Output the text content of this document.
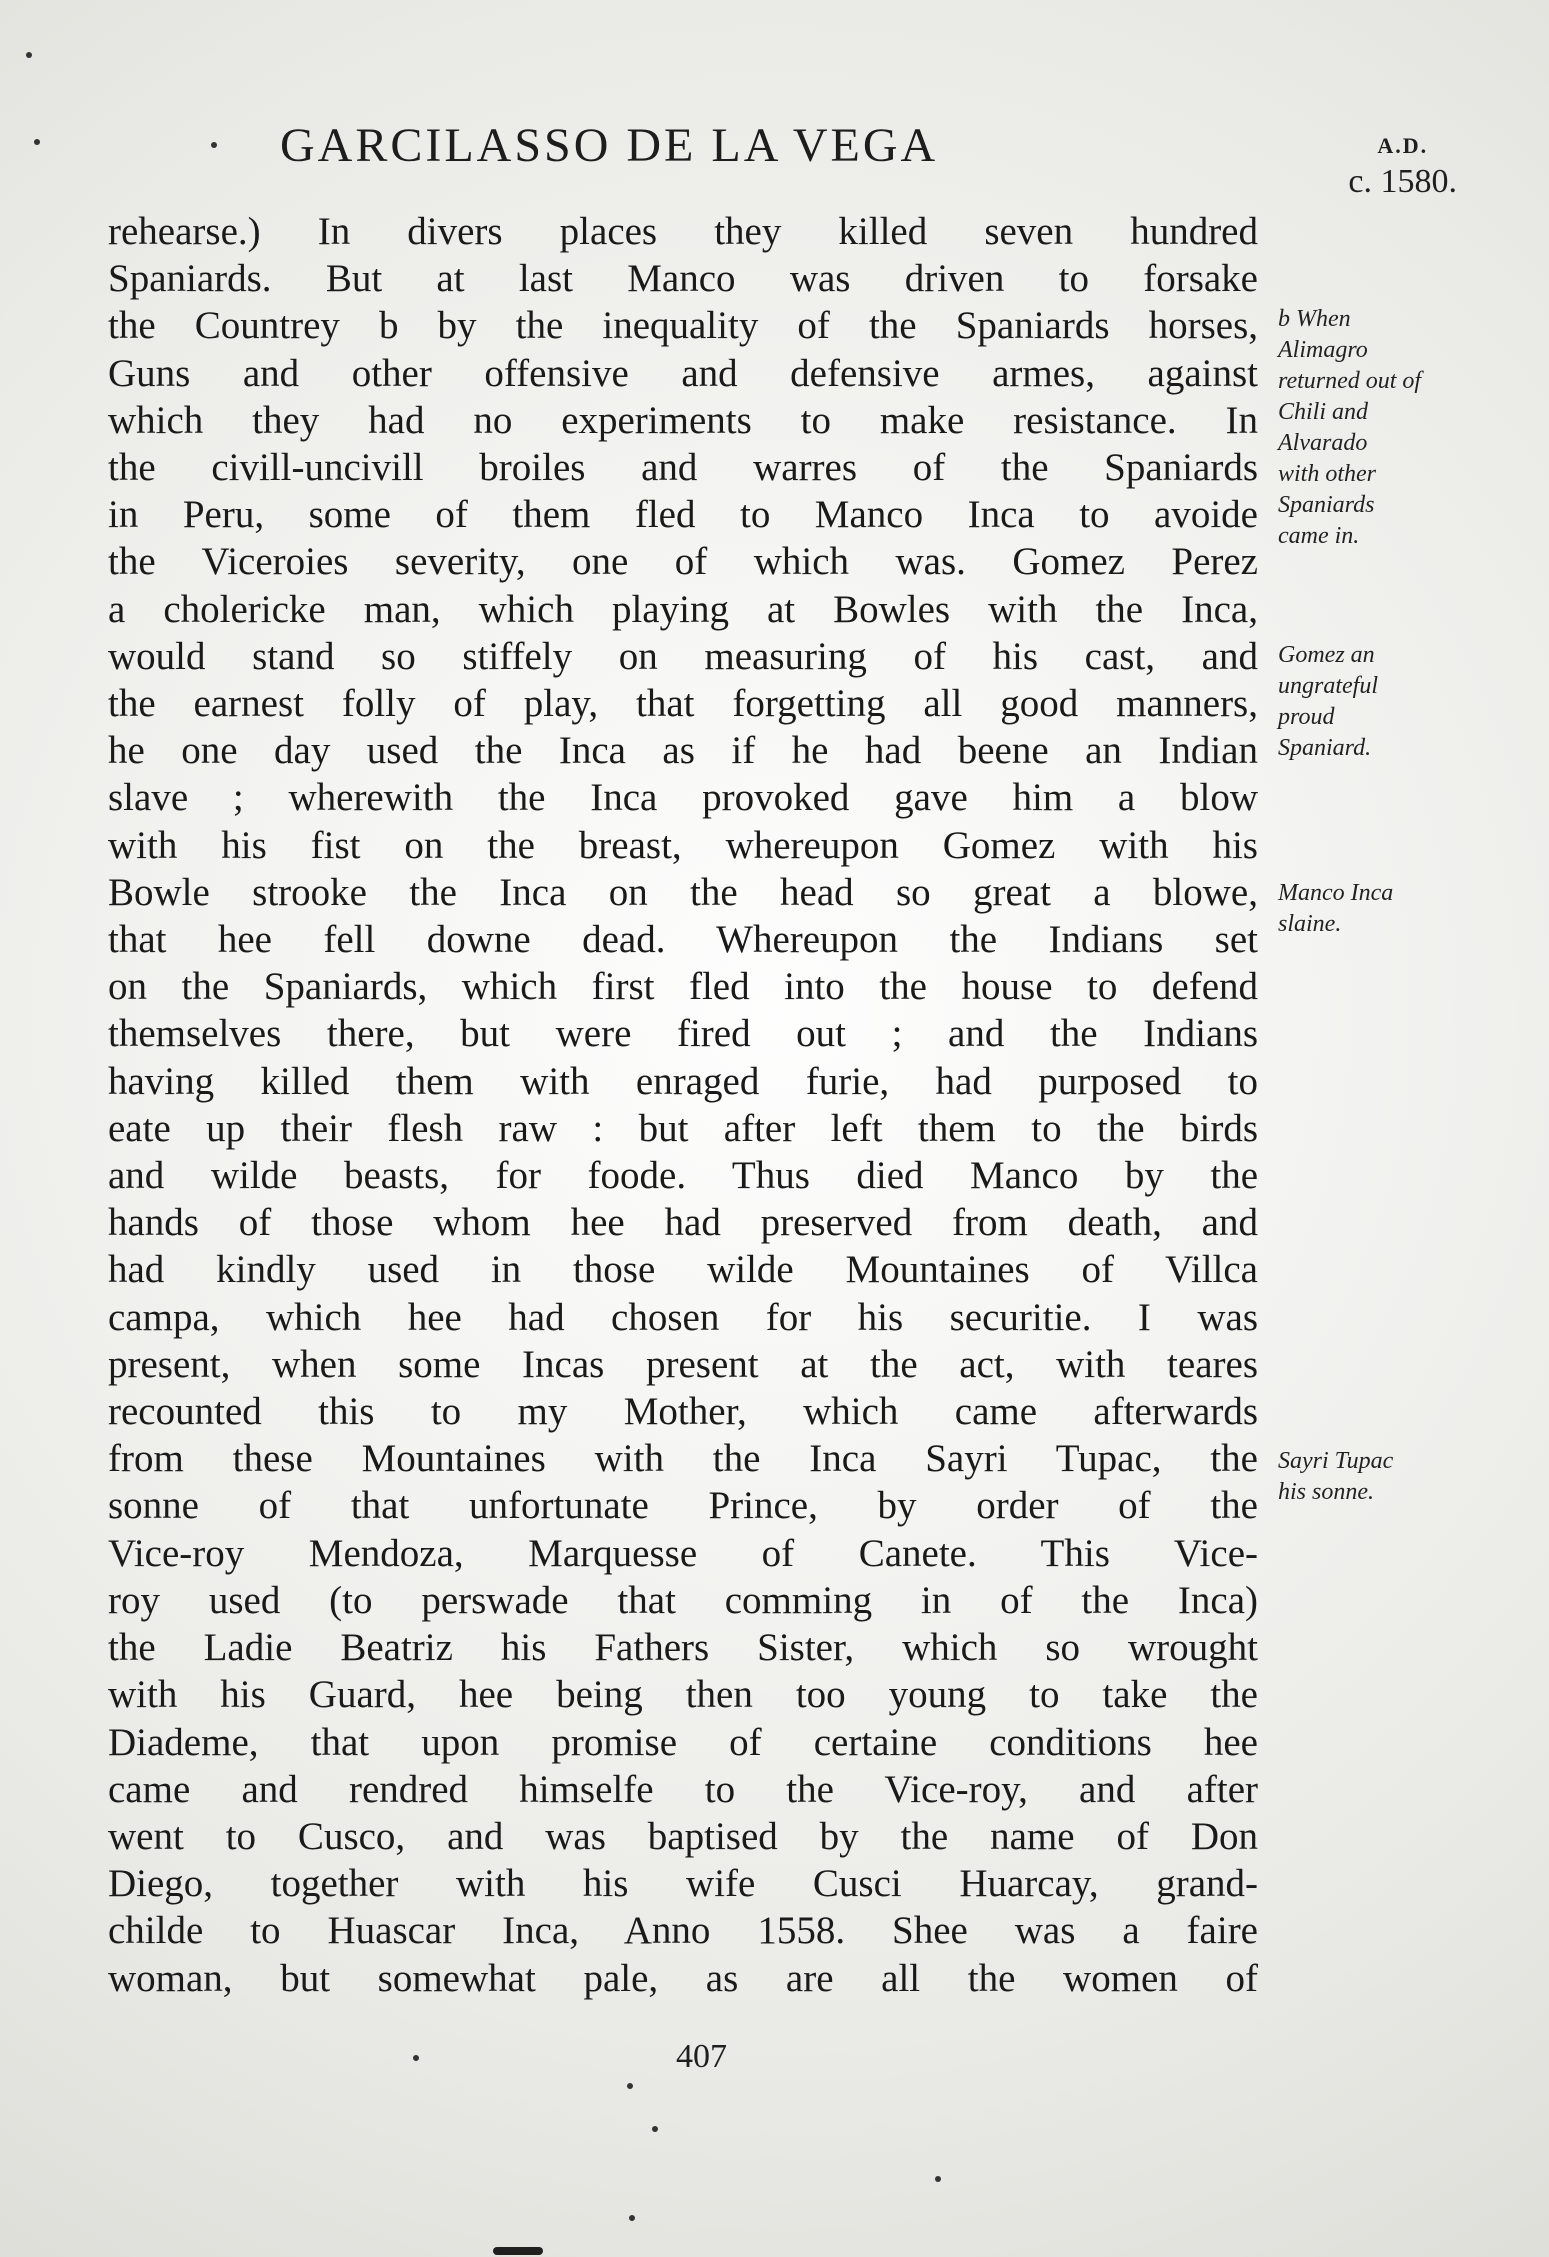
GARCILASSO DE LA VEGA	A.D.
c. 1580.
rehearse.) In divers places they killed seven hundred
Spaniards. But at last Manco was driven to forsake
the Countrey b by the inequality of the Spaniards horses,
Guns and other offensive and defensive armes, against
which they had no experiments to make resistance. In
the civill-uncivill broiles and warres of the Spaniards
in Peru, some of them fled to Manco Inca to avoide
the Viceroies severity, one of which was. Gomez Perez
a cholericke man, which playing at Bowles with the Inca,
would stand so stiffely on measuring of his cast, and
the earnest folly of play, that forgetting all good manners,
he one day used the Inca as if he had beene an Indian
slave ; wherewith the Inca provoked gave him a blow
with his fist on the breast, whereupon Gomez with his
Bowle strooke the Inca on the head so great a blowe,
that hee fell downe dead. Whereupon the Indians set
on the Spaniards, which first fled into the house to defend
themselves there, but were fired out ; and the Indians
having killed them with enraged furie, had purposed to
eate up their flesh raw : but after left them to the birds
and wilde beasts, for foode. Thus died Manco by the
hands of those whom hee had preserved from death, and
had kindly used in those wilde Mountaines of Villca
campa, which hee had chosen for his securitie. I was
present, when some Incas present at the act, with teares
recounted this to my Mother, which came afterwards
from these Mountaines with the Inca Sayri Tupac, the
sonne of that unfortunate Prince, by order of the
Vice-roy Mendoza, Marquesse of Canete. This Vice-
roy used (to perswade that comming in of the Inca)
the Ladie Beatriz his Fathers Sister, which so wrought
with his Guard, hee being then too young to take the
Diademe, that upon promise of certaine conditions hee
came and rendred himselfe to the Vice-roy, and after
went to Cusco, and was baptised by the name of Don
Diego, together with his wife Cusci Huarcay, grand-
childe to Huascar Inca, Anno 1558. Shee was a faire
woman, but somewhat pale, as are all the women of
b When
Alimagro
returned out of
Chili and
Alvarado
with other
Spaniards
came in.
Gomez an
ungrateful
proud
Spaniard.
Manco Inca
slaine.
Sayri Tupac
his sonne.
407
